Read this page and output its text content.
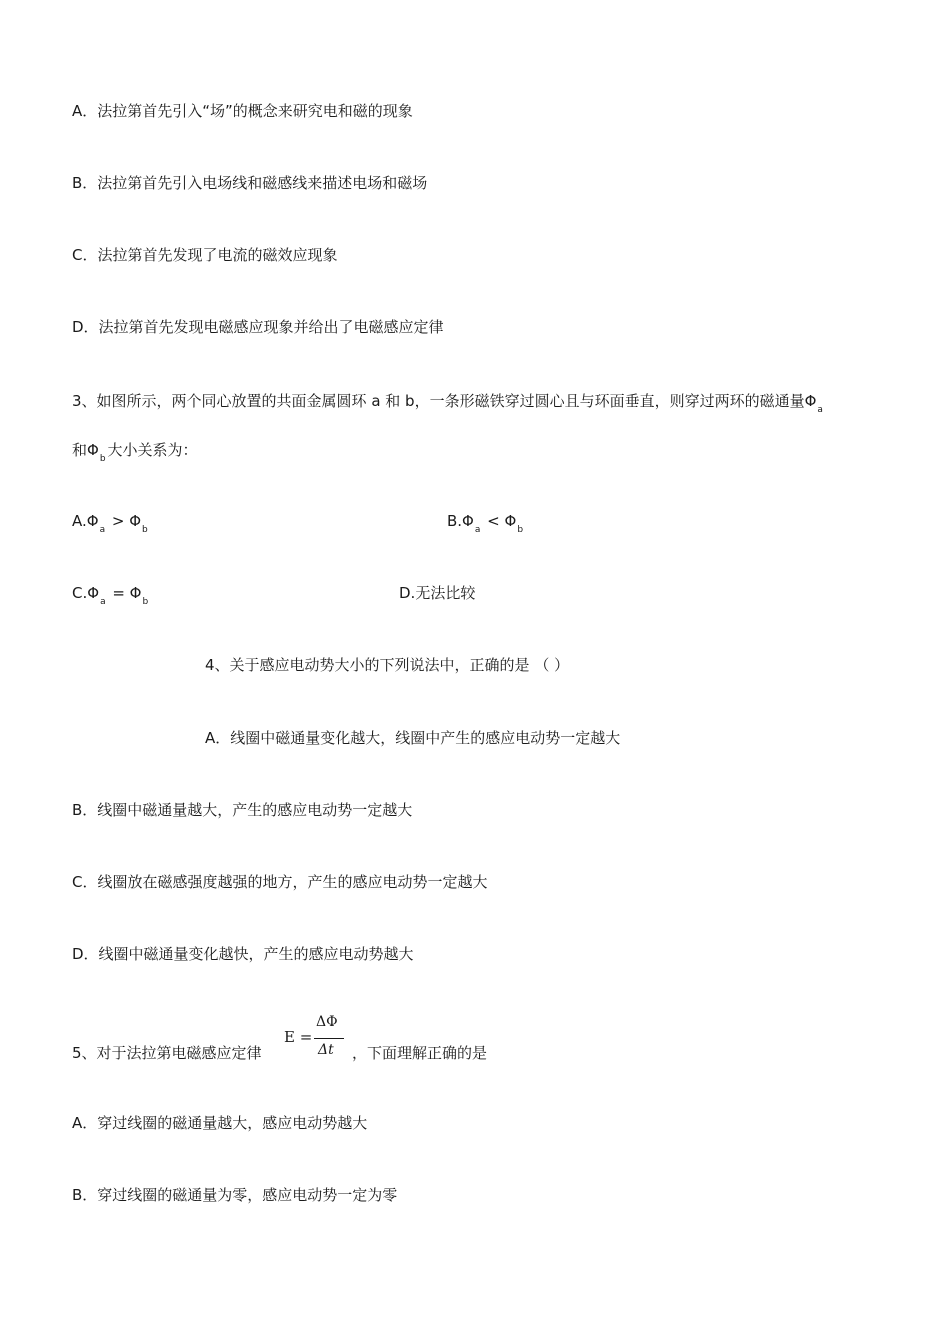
A．法拉第首先引入“场”的概念来研究电和磁的现象
B．法拉第首先引入电场线和磁感线来描述电场和磁场
C．法拉第首先发现了电流的磁效应现象
D．法拉第首先发现电磁感应现象并给出了电磁感应定律
3、如图所示，两个同心放置的共面金属圆环 a 和 b，一条形磁铁穿过圆心且与环面垂直，则穿过两环的磁通量$\Phi_a$
和$\Phi_b$ 大小关系为：
$A.\Phi_a > \Phi_b$	$B.\Phi_a < \Phi_b$
$C.\Phi_a = \Phi_b$	D.无法比较
4、关于感应电动势大小的下列说法中，正确的是 （ ）
A．线圈中磁通量变化越大，线圈中产生的感应电动势一定越大
B．线圈中磁通量越大，产生的感应电动势一定越大
C．线圈放在磁感强度越强的地方，产生的感应电动势一定越大
D．线圈中磁通量变化越快，产生的感应电动势越大
5、对于法拉第电磁感应定律
E =
ΔΦ
Δt ，下面理解正确的是
A．穿过线圈的磁通量越大，感应电动势越大
B．穿过线圈的磁通量为零，感应电动势一定为零
